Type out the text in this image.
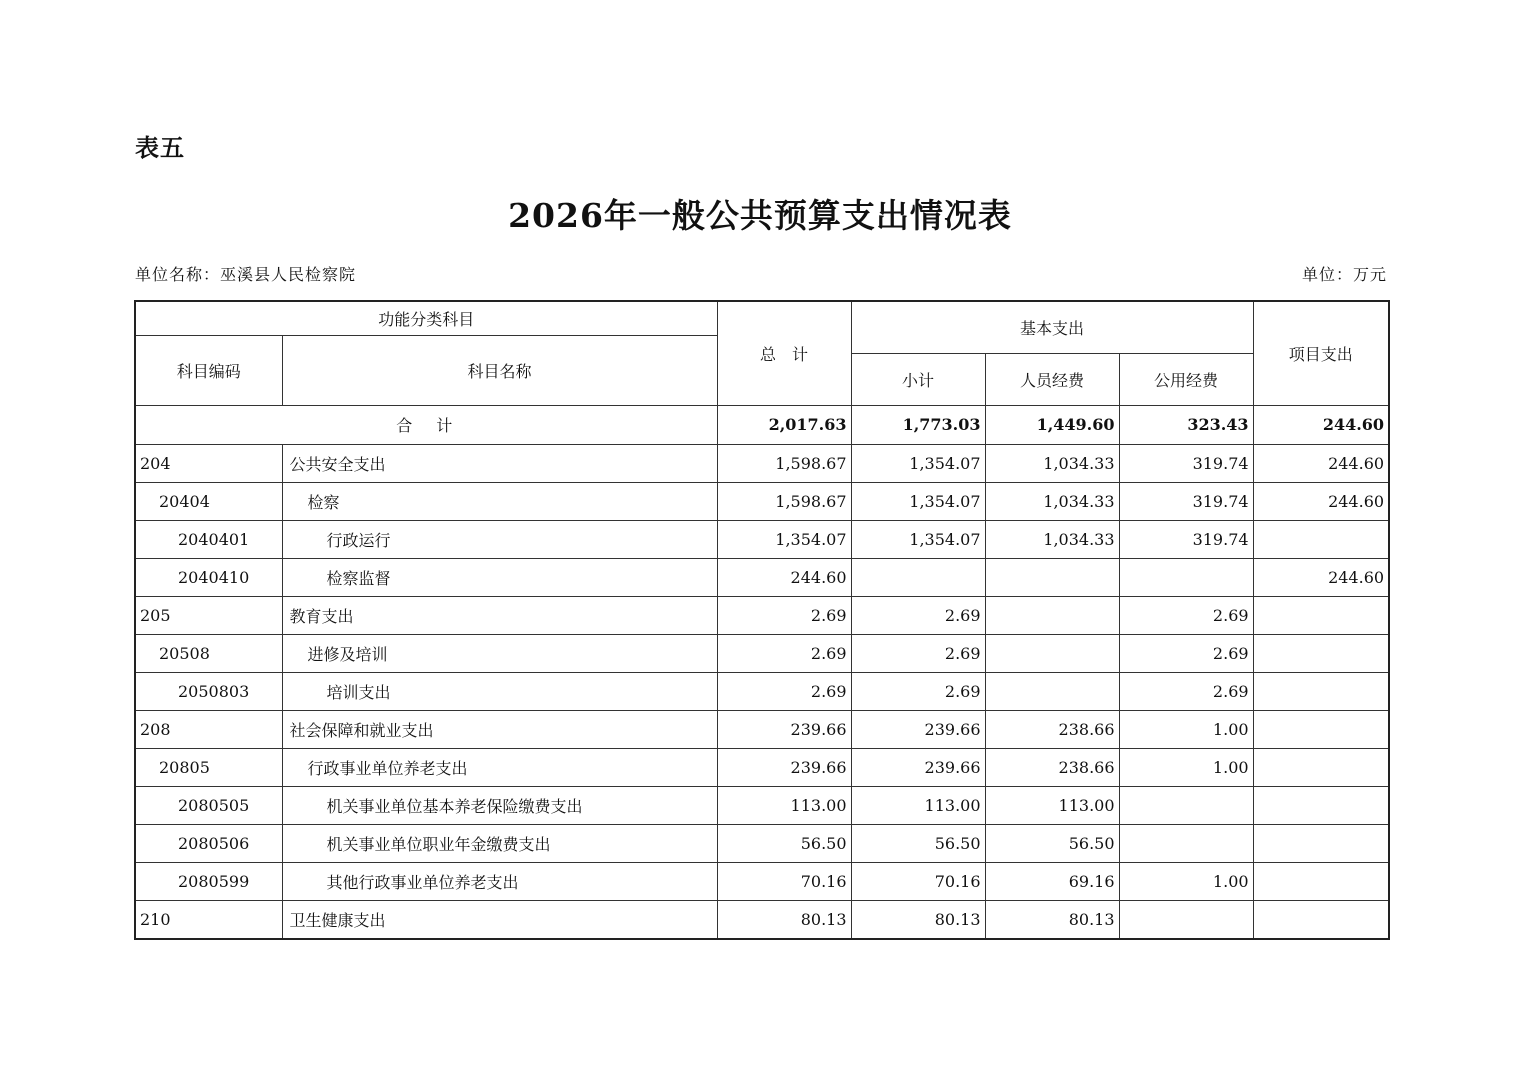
表五
2026年一般公共预算支出情况表
单位名称：巫溪县人民检察院	单位：万元
功能分类科目		总　计	基本支出			项目支出
科目编码	科目名称					
			小计	人员经费	公用经费	
合　计		2,017.63	1,773.03	1,449.60	323.43	244.60
204	公共安全支出	1,598.67	1,354.07	1,034.33	319.74	244.60
20404	检察	1,598.67	1,354.07	1,034.33	319.74	244.60
2040401	行政运行	1,354.07	1,354.07	1,034.33	319.74	
2040410	检察监督	244.60				244.60
205	教育支出	2.69	2.69		2.69	
20508	进修及培训	2.69	2.69		2.69	
2050803	培训支出	2.69	2.69		2.69	
208	社会保障和就业支出	239.66	239.66	238.66	1.00	
20805	行政事业单位养老支出	239.66	239.66	238.66	1.00	
2080505	机关事业单位基本养老保险缴费支出	113.00	113.00	113.00		
2080506	机关事业单位职业年金缴费支出	56.50	56.50	56.50		
2080599	其他行政事业单位养老支出	70.16	70.16	69.16	1.00	
210	卫生健康支出	80.13	80.13	80.13		
